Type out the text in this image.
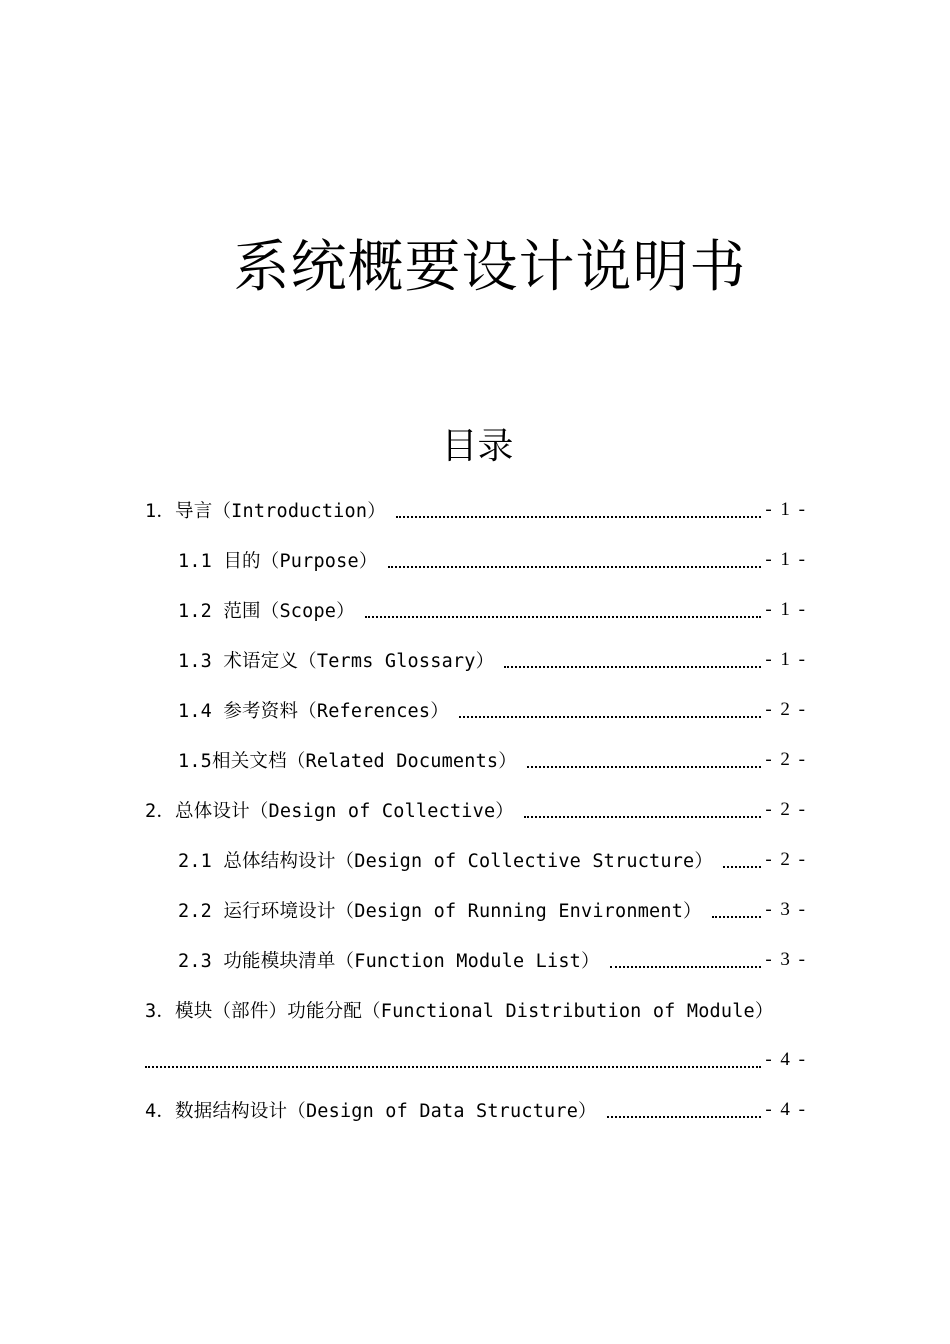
系统概要设计说明书
目录
1．导言（Introduction）	- 1 -
1.1 目的（Purpose）	- 1 -
1.2 范围（Scope）	- 1 -
1.3 术语定义（Terms Glossary）	- 1 -
1.4 参考资料（References）	- 2 -
1.5相关文档（Related Documents）	- 2 -
2．总体设计（Design of Collective）	- 2 -
2.1 总体结构设计（Design of Collective Structure）	- 2 -
2.2 运行环境设计（Design of Running Environment）	- 3 -
2.3 功能模块清单（Function Module List）	- 3 -
3．模块（部件）功能分配（Functional Distribution of Module）
- 4 -
4．数据结构设计（Design of Data Structure）	- 4 -
